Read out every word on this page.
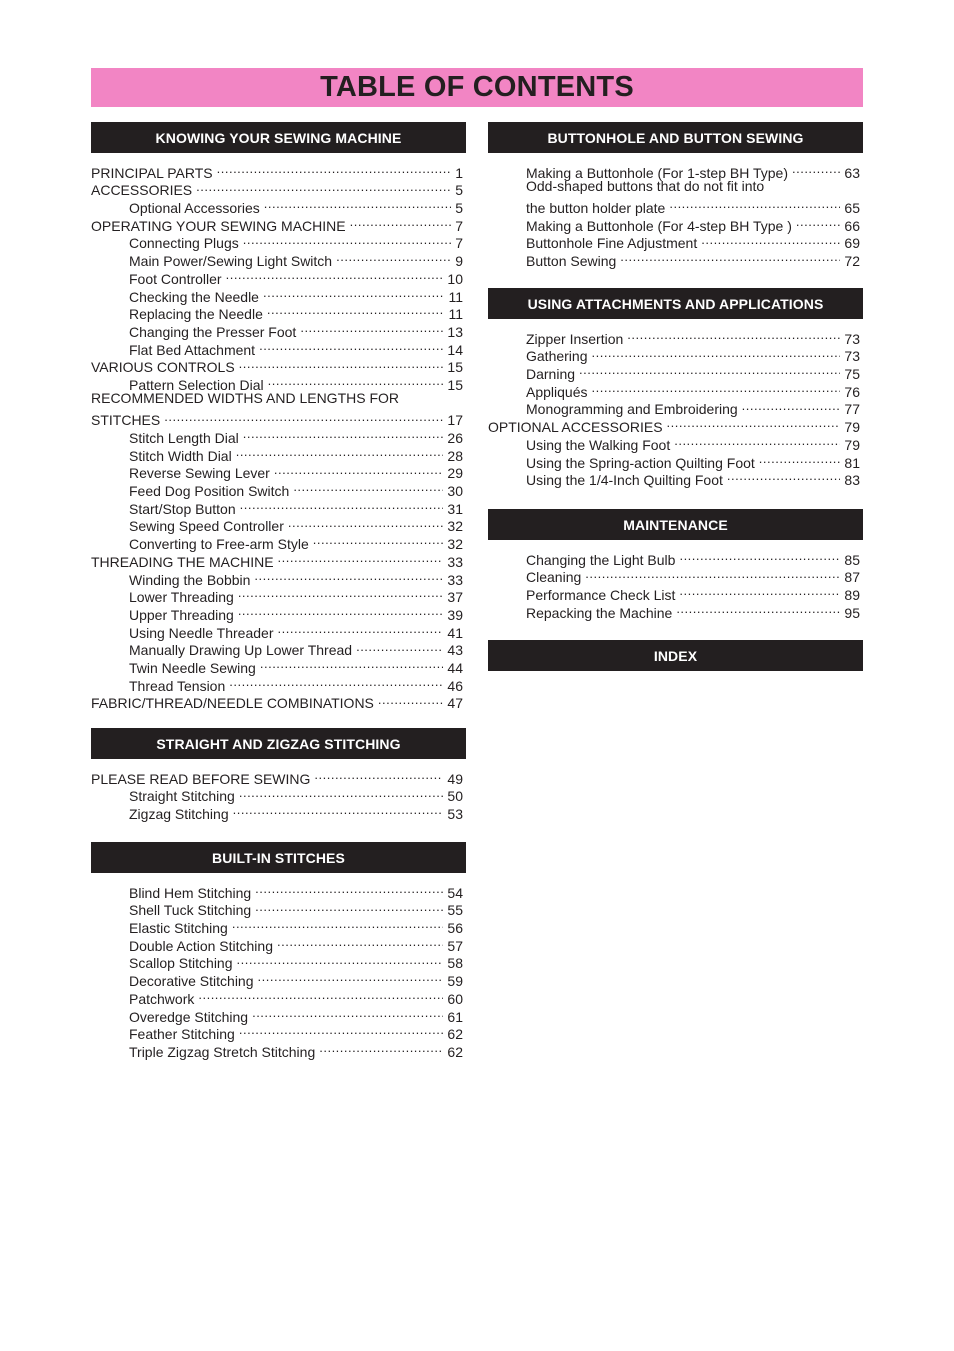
TABLE OF CONTENTS
KNOWING YOUR SEWING MACHINE
PRINCIPAL PARTS .....	1
ACCESSORIES .....	5
Optional Accessories .....	5
OPERATING YOUR SEWING MACHINE .....	7
Connecting Plugs .....	7
Main Power/Sewing Light Switch .....	9
Foot Controller .....	10
Checking the Needle .....	11
Replacing the Needle .....	11
Changing the Presser Foot .....	13
Flat Bed Attachment .....	14
VARIOUS CONTROLS .....	15
Pattern Selection Dial .....	15
RECOMMENDED WIDTHS AND LENGTHS FOR
STITCHES .....	17
Stitch Length Dial .....	26
Stitch Width Dial .....	28
Reverse Sewing Lever .....	29
Feed Dog Position Switch .....	30
Start/Stop Button .....	31
Sewing Speed Controller .....	32
Converting to Free-arm Style .....	32
THREADING THE MACHINE .....	33
Winding the Bobbin .....	33
Lower Threading .....	37
Upper Threading .....	39
Using Needle Threader .....	41
Manually Drawing Up Lower Thread .....	43
Twin Needle Sewing .....	44
Thread Tension .....	46
FABRIC/THREAD/NEEDLE COMBINATIONS .....	47
STRAIGHT AND ZIGZAG STITCHING
PLEASE READ BEFORE SEWING .....	49
Straight Stitching .....	50
Zigzag Stitching .....	53
BUILT-IN STITCHES
Blind Hem Stitching .....	54
Shell Tuck Stitching .....	55
Elastic Stitching .....	56
Double Action Stitching .....	57
Scallop Stitching .....	58
Decorative Stitching .....	59
Patchwork .....	60
Overedge Stitching .....	61
Feather Stitching .....	62
Triple Zigzag Stretch Stitching .....	62
BUTTONHOLE AND BUTTON SEWING
Making a Buttonhole (For 1-step BH Type) .....	63
Odd-shaped buttons that do not fit into
the button holder plate .....	65
Making a Buttonhole (For 4-step BH Type ) .....	66
Buttonhole Fine Adjustment .....	69
Button Sewing .....	72
USING ATTACHMENTS AND APPLICATIONS
Zipper Insertion .....	73
Gathering .....	73
Darning .....	75
Appliqués .....	76
Monogramming and Embroidering .....	77
OPTIONAL ACCESSORIES .....	79
Using the Walking Foot .....	79
Using the Spring-action Quilting Foot .....	81
Using the 1/4-Inch Quilting Foot .....	83
MAINTENANCE
Changing the Light Bulb .....	85
Cleaning .....	87
Performance Check List .....	89
Repacking the Machine .....	95
INDEX
